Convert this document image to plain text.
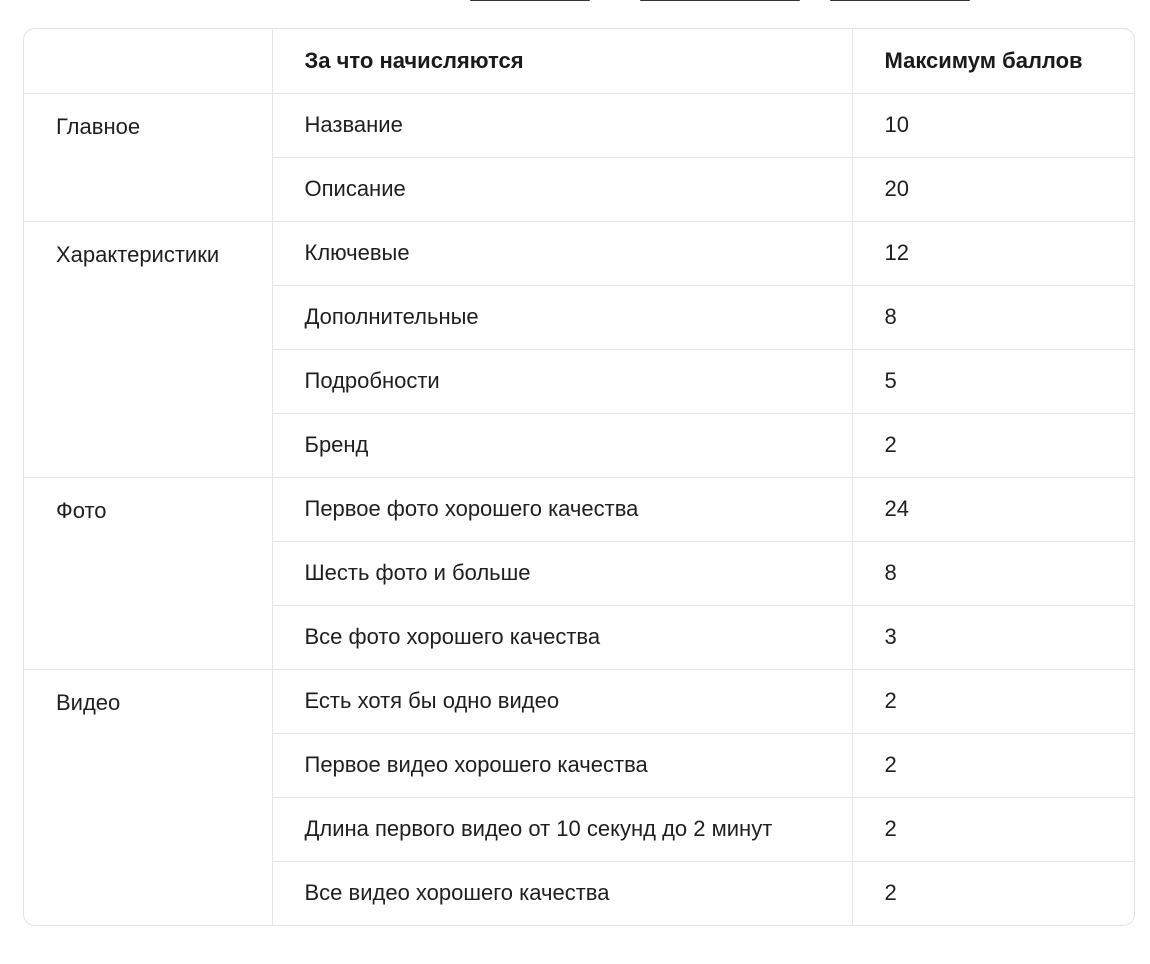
	За что начисляются	Максимум баллов
Главное	Название	10
	Описание	20
Характеристики	Ключевые	12
	Дополнительные	8
	Подробности	5
	Бренд	2
Фото	Первое фото хорошего качества	24
	Шесть фото и больше	8
	Все фото хорошего качества	3
Видео	Есть хотя бы одно видео	2
	Первое видео хорошего качества	2
	Длина первого видео от 10 секунд до 2 минут	2
	Все видео хорошего качества	2
